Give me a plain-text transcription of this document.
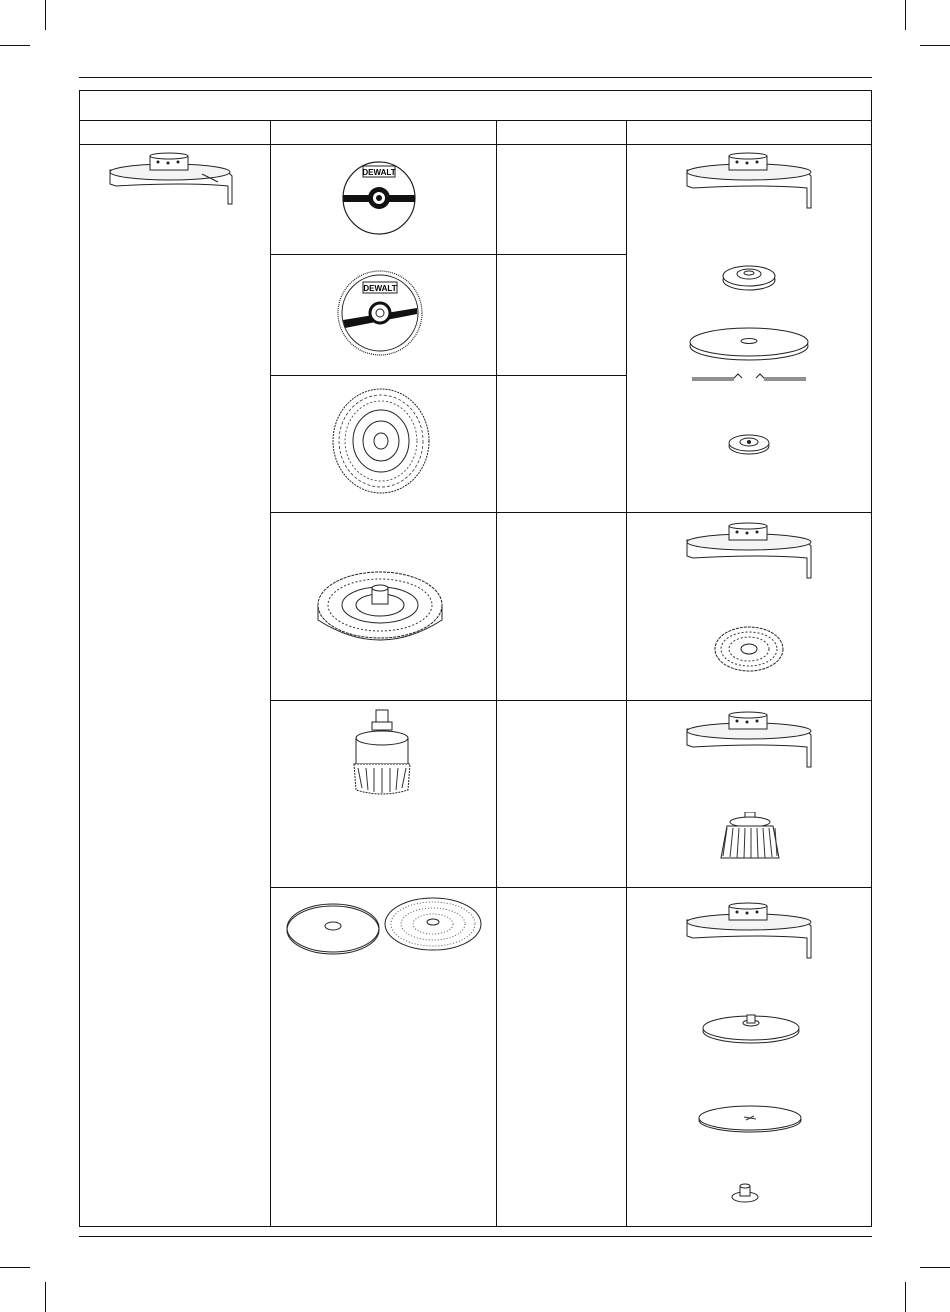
DEWALT
DEWALT
